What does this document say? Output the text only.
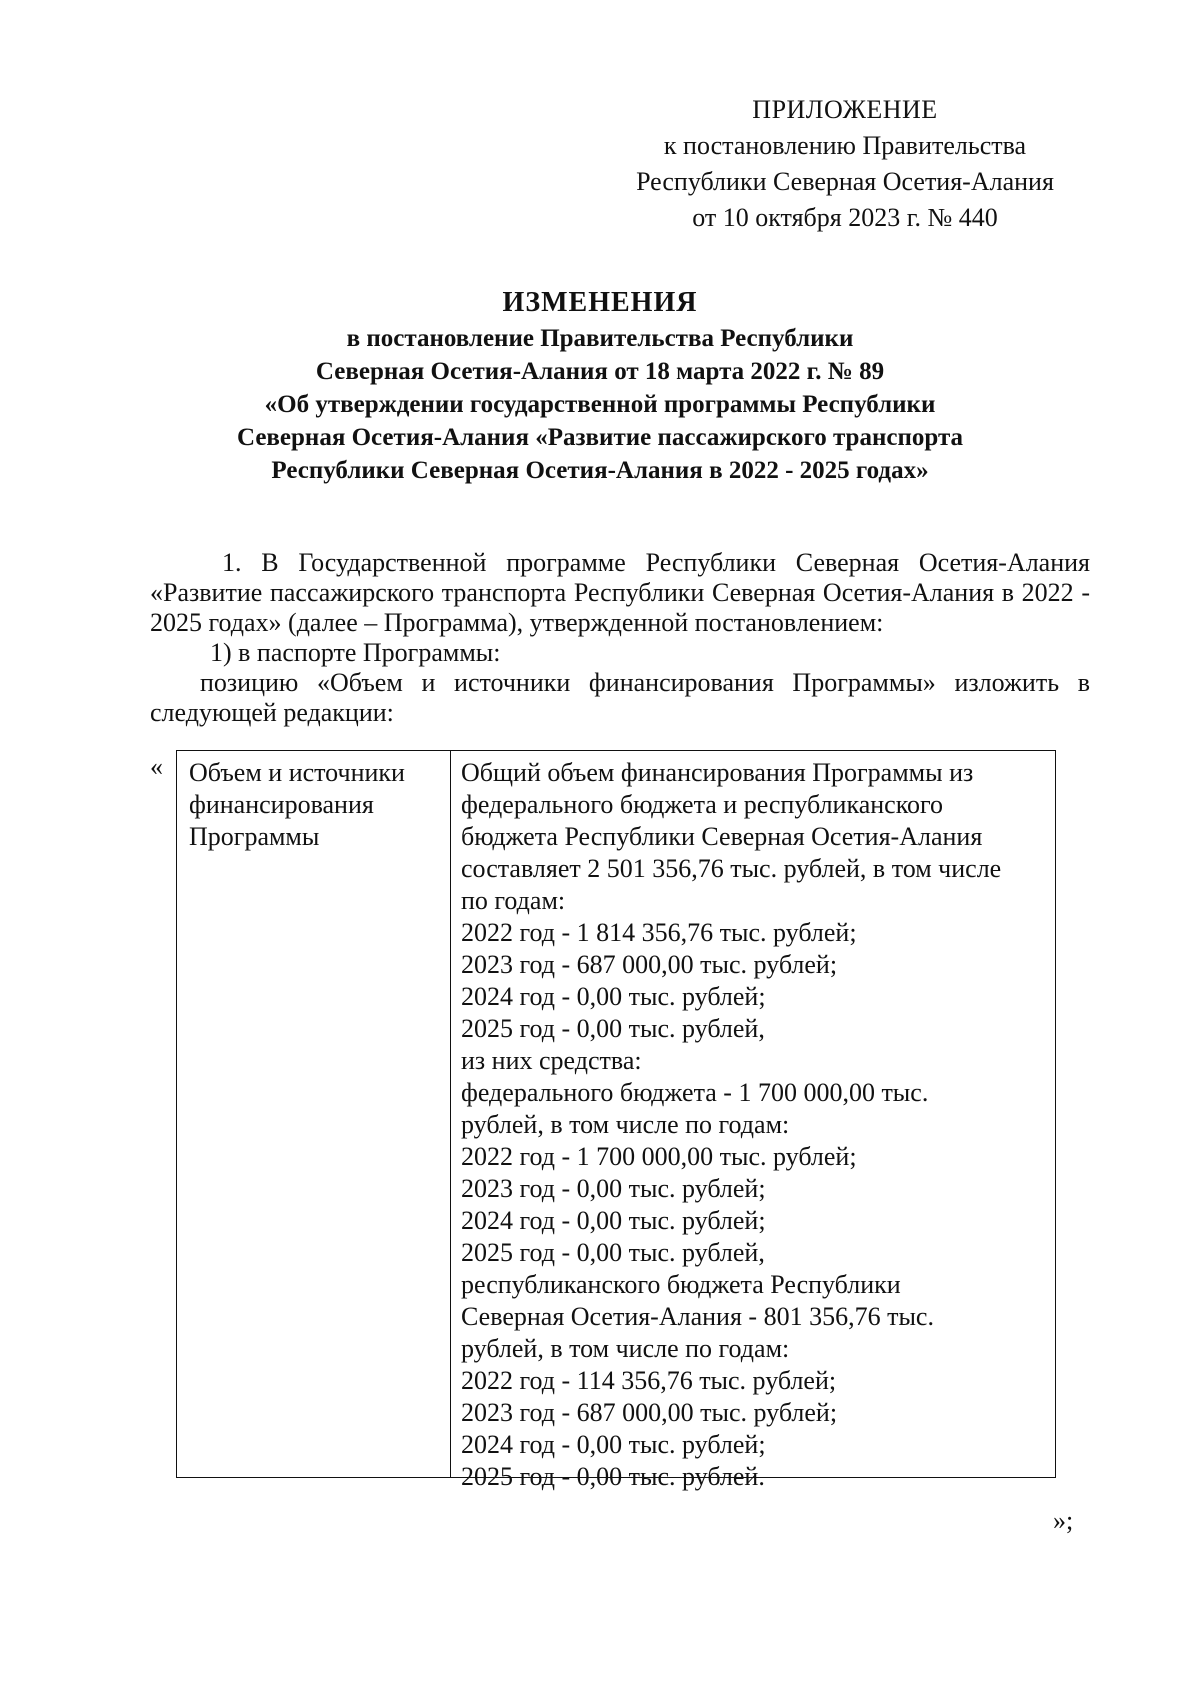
ПРИЛОЖЕНИЕ
к постановлению Правительства
Республики Северная Осетия-Алания
от 10 октября 2023 г. № 440
ИЗМЕНЕНИЯ
в постановление Правительства Республики
Северная Осетия-Алания от 18 марта 2022 г. № 89
«Об утверждении государственной программы Республики
Северная Осетия-Алания «Развитие пассажирского транспорта
Республики Северная Осетия-Алания в 2022 - 2025 годах»

1. В Государственной программе Республики Северная Осетия-Алания «Развитие пассажирского транспорта Республики Северная Осетия-Алания в 2022 - 2025 годах» (далее – Программа), утвержденной постановлением:

1) в паспорте Программы:

позицию «Объем и источники финансирования Программы» изложить в следующей редакции:

« Объем и источники
финансирования
Программы
Общий объем финансирования Программы из
федерального бюджета и республиканского
бюджета Республики Северная Осетия-Алания
составляет 2 501 356,76 тыс. рублей, в том числе
по годам:
2022 год - 1 814 356,76 тыс. рублей;
2023 год - 687 000,00 тыс. рублей;
2024 год - 0,00 тыс. рублей;
2025 год - 0,00 тыс. рублей,
из них средства:
федерального бюджета - 1 700 000,00 тыс.
рублей, в том числе по годам:
2022 год - 1 700 000,00 тыс. рублей;
2023 год - 0,00 тыс. рублей;
2024 год - 0,00 тыс. рублей;
2025 год - 0,00 тыс. рублей,
республиканского бюджета Республики
Северная Осетия-Алания - 801 356,76 тыс.
рублей, в том числе по годам:
2022 год - 114 356,76 тыс. рублей;
2023 год - 687 000,00 тыс. рублей;
2024 год - 0,00 тыс. рублей;
2025 год - 0,00 тыс. рублей.
»;
